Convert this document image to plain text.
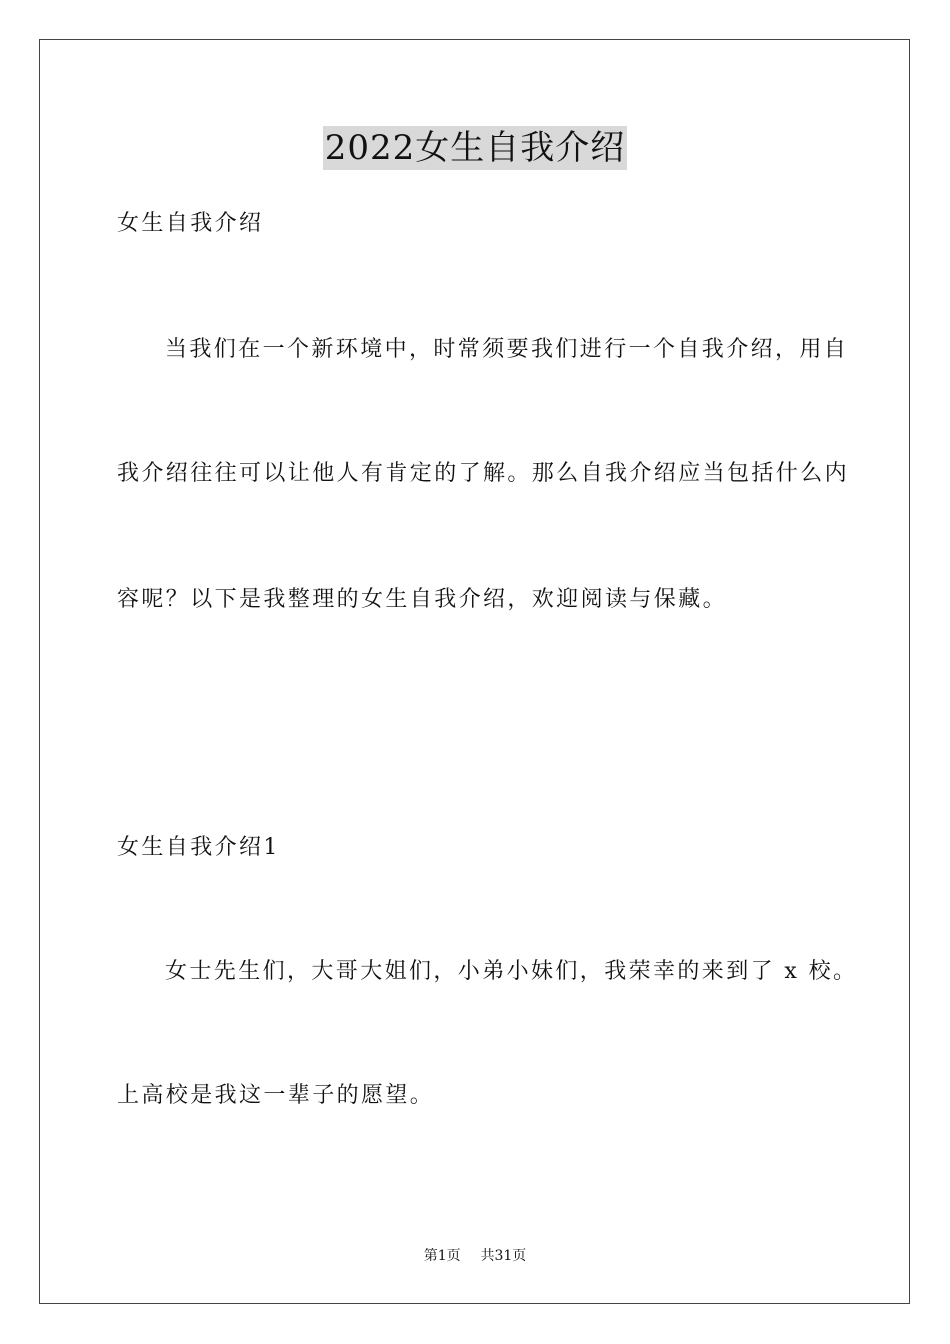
2022女生自我介绍
女生自我介绍
当我们在一个新环境中，时常须要我们进行一个自我介绍，用自
我介绍往往可以让他人有肯定的了解。那么自我介绍应当包括什么内
容呢？以下是我整理的女生自我介绍，欢迎阅读与保藏。
女生自我介绍1
女士先生们，大哥大姐们，小弟小妹们，我荣幸的来到了 x 校。
上高校是我这一辈子的愿望。
第1页 共31页
